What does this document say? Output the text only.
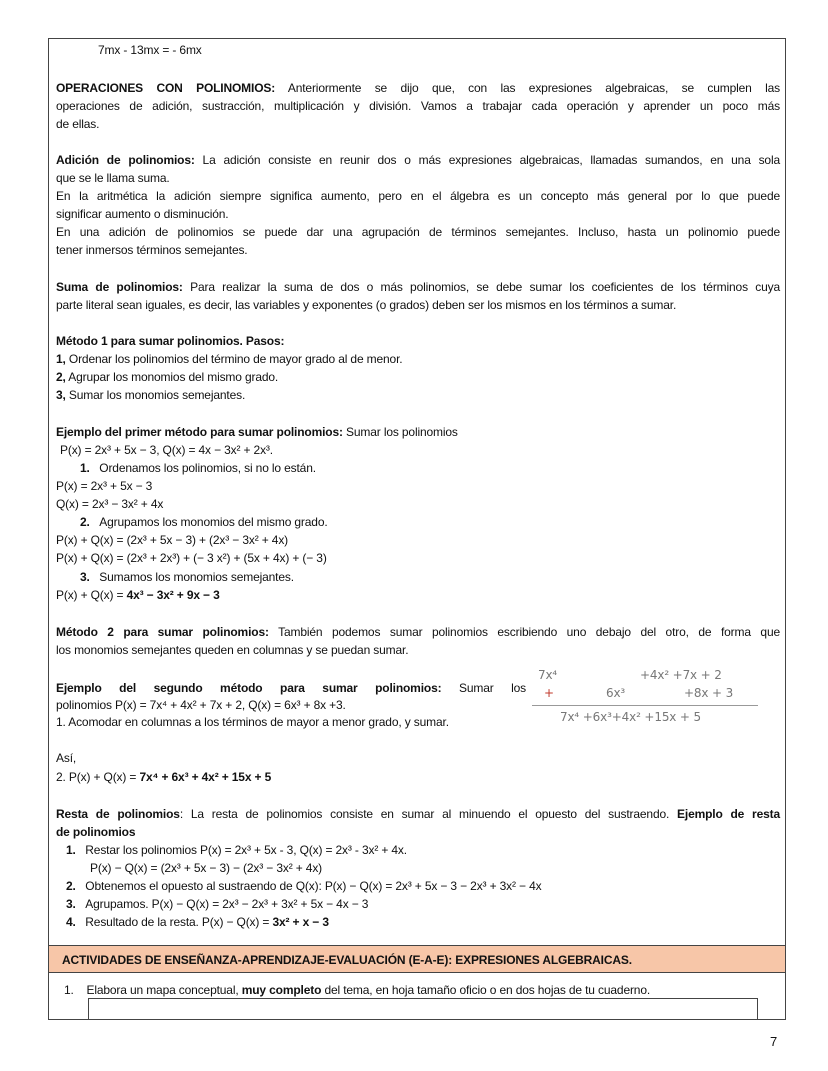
7mx - 13mx = - 6mx
OPERACIONES CON POLINOMIOS: Anteriormente se dijo que, con las expresiones algebraicas, se cumplen las
operaciones de adición, sustracción, multiplicación y división. Vamos a trabajar cada operación y aprender un poco más
de ellas.
Adición de polinomios: La adición consiste en reunir dos o más expresiones algebraicas, llamadas sumandos, en una sola
que se le llama suma.
En la aritmética la adición siempre significa aumento, pero en el álgebra es un concepto más general por lo que puede
significar aumento o disminución.
En una adición de polinomios se puede dar una agrupación de términos semejantes. Incluso, hasta un polinomio puede
tener inmersos términos semejantes.
Suma de polinomios: Para realizar la suma de dos o más polinomios, se debe sumar los coeficientes de los términos cuya
parte literal sean iguales, es decir, las variables y exponentes (o grados) deben ser los mismos en los términos a sumar.
Método 1 para sumar polinomios. Pasos:
1, Ordenar los polinomios del término de mayor grado al de menor.
2, Agrupar los monomios del mismo grado.
3, Sumar los monomios semejantes.
Ejemplo del primer método para sumar polinomios: Sumar los polinomios
P(x) = 2x³ + 5x − 3, Q(x) = 4x − 3x² + 2x³.
1. Ordenamos los polinomios, si no lo están.
P(x) = 2x³ + 5x − 3
Q(x) = 2x³ − 3x² + 4x
2. Agrupamos los monomios del mismo grado.
P(x) + Q(x) = (2x³ + 5x − 3) + (2x³ − 3x² + 4x)
P(x) + Q(x) = (2x³ + 2x³) + (− 3 x²) + (5x + 4x) + (− 3)
3. Sumamos los monomios semejantes.
P(x) + Q(x) = 4x³ − 3x² + 9x − 3
Método 2 para sumar polinomios: También podemos sumar polinomios escribiendo uno debajo del otro, de forma que
los monomios semejantes queden en columnas y se puedan sumar.
Ejemplo del segundo método para sumar polinomios: Sumar los
polinomios P(x) = 7x⁴ + 4x² + 7x + 2, Q(x) = 6x³ + 8x +3.
1. Acomodar en columnas a los términos de mayor a menor grado, y sumar.
7x⁴	+4x² +7x + 2
+	6x³	+8x + 3
7x⁴ +6x³+4x² +15x + 5
Así,
2. P(x) + Q(x) = 7x⁴ + 6x³ + 4x² + 15x + 5
Resta de polinomios: La resta de polinomios consiste en sumar al minuendo el opuesto del sustraendo. Ejemplo de resta
de polinomios
1. Restar los polinomios P(x) = 2x³ + 5x - 3, Q(x) = 2x³ - 3x² + 4x.
P(x) − Q(x) = (2x³ + 5x − 3) − (2x³ − 3x² + 4x)
2. Obtenemos el opuesto al sustraendo de Q(x): P(x) − Q(x) = 2x³ + 5x − 3 − 2x³ + 3x² − 4x
3. Agrupamos. P(x) − Q(x) = 2x³ − 2x³ + 3x² + 5x − 4x − 3
4. Resultado de la resta. P(x) − Q(x) = 3x² + x − 3
ACTIVIDADES DE ENSEÑANZA-APRENDIZAJE-EVALUACIÓN (E-A-E): EXPRESIONES ALGEBRAICAS.
1. Elabora un mapa conceptual, muy completo del tema, en hoja tamaño oficio o en dos hojas de tu cuaderno.
7
